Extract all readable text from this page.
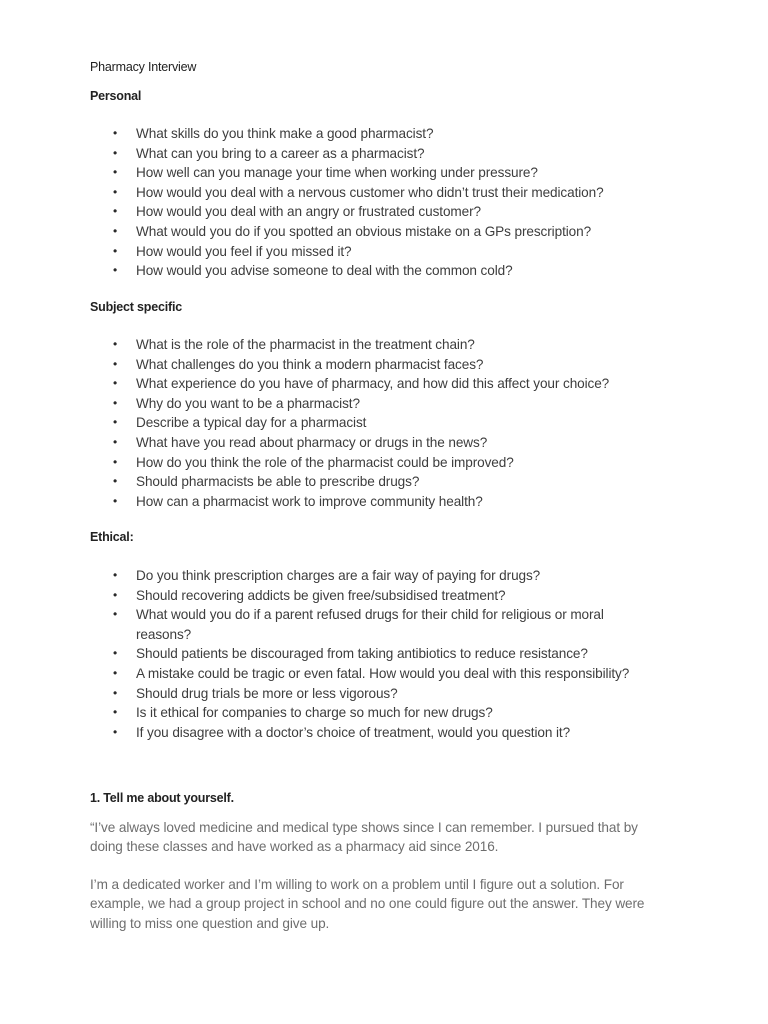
Pharmacy Interview
Personal
• What skills do you think make a good pharmacist?
• What can you bring to a career as a pharmacist?
• How well can you manage your time when working under pressure?
• How would you deal with a nervous customer who didn’t trust their medication?
• How would you deal with an angry or frustrated customer?
• What would you do if you spotted an obvious mistake on a GPs prescription?
• How would you feel if you missed it?
• How would you advise someone to deal with the common cold?
Subject specific
• What is the role of the pharmacist in the treatment chain?
• What challenges do you think a modern pharmacist faces?
• What experience do you have of pharmacy, and how did this affect your choice?
• Why do you want to be a pharmacist?
• Describe a typical day for a pharmacist
• What have you read about pharmacy or drugs in the news?
• How do you think the role of the pharmacist could be improved?
• Should pharmacists be able to prescribe drugs?
• How can a pharmacist work to improve community health?
Ethical:
• Do you think prescription charges are a fair way of paying for drugs?
• Should recovering addicts be given free/subsidised treatment?
• What would you do if a parent refused drugs for their child for religious or moral
reasons?
• Should patients be discouraged from taking antibiotics to reduce resistance?
• A mistake could be tragic or even fatal. How would you deal with this responsibility?
• Should drug trials be more or less vigorous?
• Is it ethical for companies to charge so much for new drugs?
• If you disagree with a doctor’s choice of treatment, would you question it?
1. Tell me about yourself.
“I’ve always loved medicine and medical type shows since I can remember. I pursued that by
doing these classes and have worked as a pharmacy aid since 2016.
I’m a dedicated worker and I’m willing to work on a problem until I figure out a solution. For
example, we had a group project in school and no one could figure out the answer. They were
willing to miss one question and give up.
